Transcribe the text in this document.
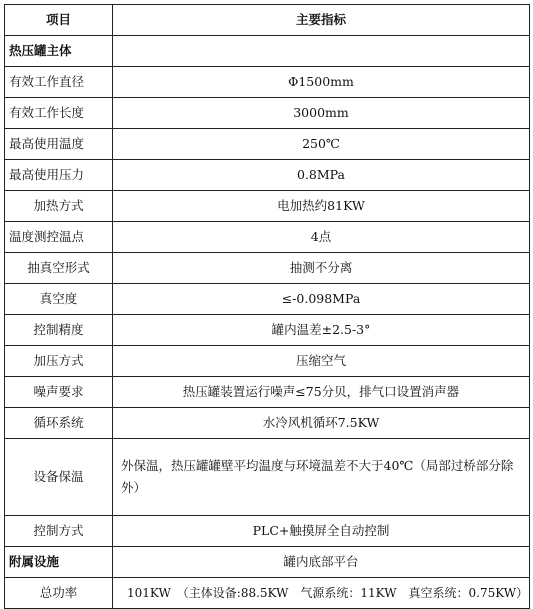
项目	主要指标
热压罐主体	
有效工作直径	Φ1500mm
有效工作长度	3000mm
最高使用温度	250℃
最高使用压力	0.8MPa
加热方式	电加热约81KW
温度测控温点	4点
抽真空形式	抽测不分离
真空度	≤-0.098MPa
控制精度	罐内温差±2.5-3°
加压方式	压缩空气
噪声要求	热压罐装置运行噪声≤75分贝，排气口设置消声器
循环系统	水冷风机循环7.5KW
设备保温	外保温，热压罐罐壁平均温度与环境温差不大于40℃（局部过桥部分除外）
控制方式	PLC+触摸屏全自动控制
附属设施	罐内底部平台
总功率	101KW　（主体设备:88.5KW　气源系统：11KW　真空系统：0.75KW）
